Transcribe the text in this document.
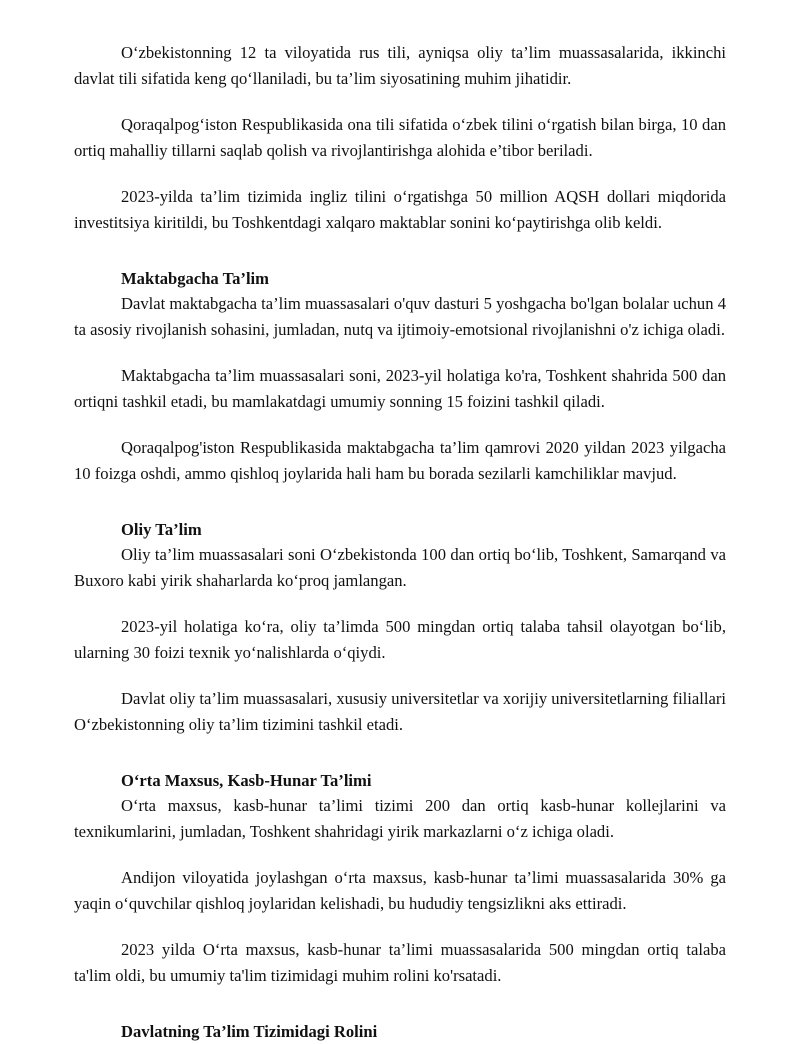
O‘zbekistonning 12 ta viloyatida rus tili, ayniqsa oliy ta’lim muassasalarida, ikkinchi davlat tili sifatida keng qo‘llaniladi, bu ta’lim siyosatining muhim jihatidir.

Qoraqalpog‘iston Respublikasida ona tili sifatida o‘zbek tilini o‘rgatish bilan birga, 10 dan ortiq mahalliy tillarni saqlab qolish va rivojlantirishga alohida e’tibor beriladi.

2023-yilda ta’lim tizimida ingliz tilini o‘rgatishga 50 million AQSH dollari miqdorida investitsiya kiritildi, bu Toshkentdagi xalqaro maktablar sonini ko‘paytirishga olib keldi.

Maktabgacha Ta’lim

Davlat maktabgacha ta’lim muassasalari o'quv dasturi 5 yoshgacha bo'lgan bolalar uchun 4 ta asosiy rivojlanish sohasini, jumladan, nutq va ijtimoiy-emotsional rivojlanishni o'z ichiga oladi.

Maktabgacha ta’lim muassasalari soni, 2023-yil holatiga ko'ra, Toshkent shahrida 500 dan ortiqni tashkil etadi, bu mamlakatdagi umumiy sonning 15 foizini tashkil qiladi.

Qoraqalpog'iston Respublikasida maktabgacha ta’lim qamrovi 2020 yildan 2023 yilgacha 10 foizga oshdi, ammo qishloq joylarida hali ham bu borada sezilarli kamchiliklar mavjud.

Oliy Ta’lim

Oliy ta’lim muassasalari soni O‘zbekistonda 100 dan ortiq bo‘lib, Toshkent, Samarqand va Buxoro kabi yirik shaharlarda ko‘proq jamlangan.

2023-yil holatiga ko‘ra, oliy ta’limda 500 mingdan ortiq talaba tahsil olayotgan bo‘lib, ularning 30 foizi texnik yo‘nalishlarda o‘qiydi.

Davlat oliy ta’lim muassasalari, xususiy universitetlar va xorijiy universitetlarning filiallari O‘zbekistonning oliy ta’lim tizimini tashkil etadi.

O‘rta Maxsus, Kasb-Hunar Ta’limi

O‘rta maxsus, kasb-hunar ta’limi tizimi 200 dan ortiq kasb-hunar kollejlarini va texnikumlarini, jumladan, Toshkent shahridagi yirik markazlarni o‘z ichiga oladi.

Andijon viloyatida joylashgan o‘rta maxsus, kasb-hunar ta’limi muassasalarida 30% ga yaqin o‘quvchilar qishloq joylaridan kelishadi, bu hududiy tengsizlikni aks ettiradi.

2023 yilda O‘rta maxsus, kasb-hunar ta’limi muassasalarida 500 mingdan ortiq talaba ta'lim oldi, bu umumiy ta'lim tizimidagi muhim rolini ko'rsatadi.

Davlatning Ta’lim Tizimidagi Rolini
